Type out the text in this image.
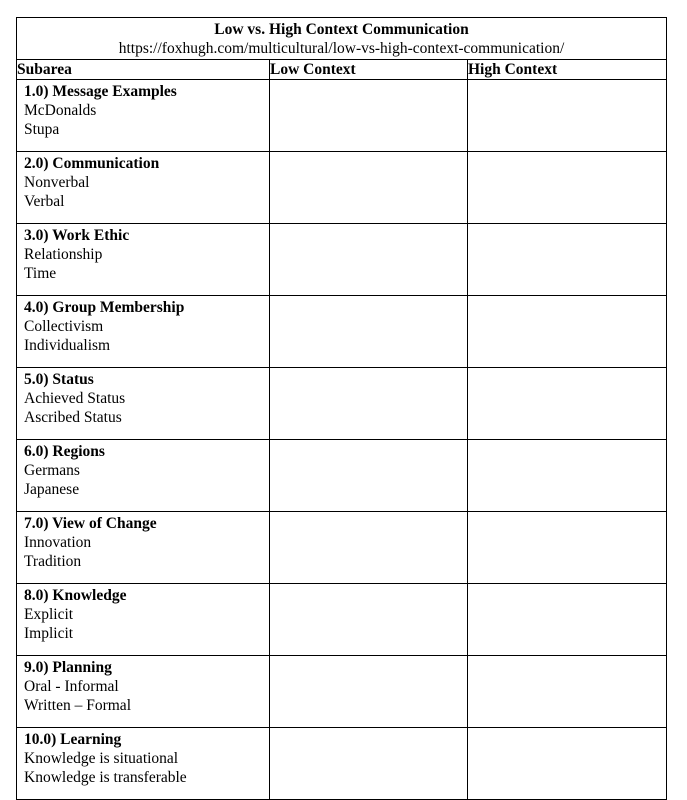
Low vs. High Context Communication
https://foxhugh.com/multicultural/low-vs-high-context-communication/		

Subarea	Low Context	High Context

1.0) Message Examples
McDonalds
Stupa		

2.0) Communication
Nonverbal
Verbal		

3.0) Work Ethic
Relationship
Time		

4.0) Group Membership
Collectivism
Individualism		

5.0) Status
Achieved Status
Ascribed Status		

6.0) Regions
Germans
Japanese		

7.0) View of Change
Innovation
Tradition		

8.0) Knowledge
Explicit
Implicit		

9.0) Planning
Oral - Informal
Written – Formal		

10.0) Learning
Knowledge is situational
Knowledge is transferable		
